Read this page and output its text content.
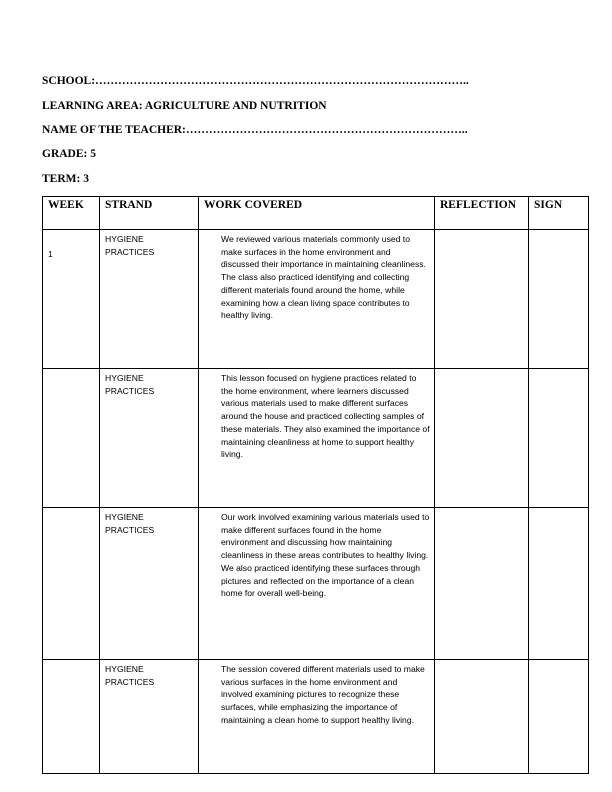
SCHOOL:……………………………………………………………………………………..
LEARNING AREA: AGRICULTURE AND NUTRITION
NAME OF THE TEACHER:………………………………………………………………..
GRADE: 5
TERM: 3
WEEK	STRAND	WORK COVERED	REFLECTION	SIGN
1	HYGIENE PRACTICES	We reviewed various materials commonly used to make surfaces in the home environment and discussed their importance in maintaining cleanliness. The class also practiced identifying and collecting different materials found around the home, while examining how a clean living space contributes to healthy living.		
	HYGIENE PRACTICES	This lesson focused on hygiene practices related to the home environment, where learners discussed various materials used to make different surfaces around the house and practiced collecting samples of these materials. They also examined the importance of maintaining cleanliness at home to support healthy living.		
	HYGIENE PRACTICES	Our work involved examining various materials used to make different surfaces found in the home environment and discussing how maintaining cleanliness in these areas contributes to healthy living. We also practiced identifying these surfaces through pictures and reflected on the importance of a clean home for overall well-being.		
	HYGIENE PRACTICES	The session covered different materials used to make various surfaces in the home environment and involved examining pictures to recognize these surfaces, while emphasizing the importance of maintaining a clean home to support healthy living.		
